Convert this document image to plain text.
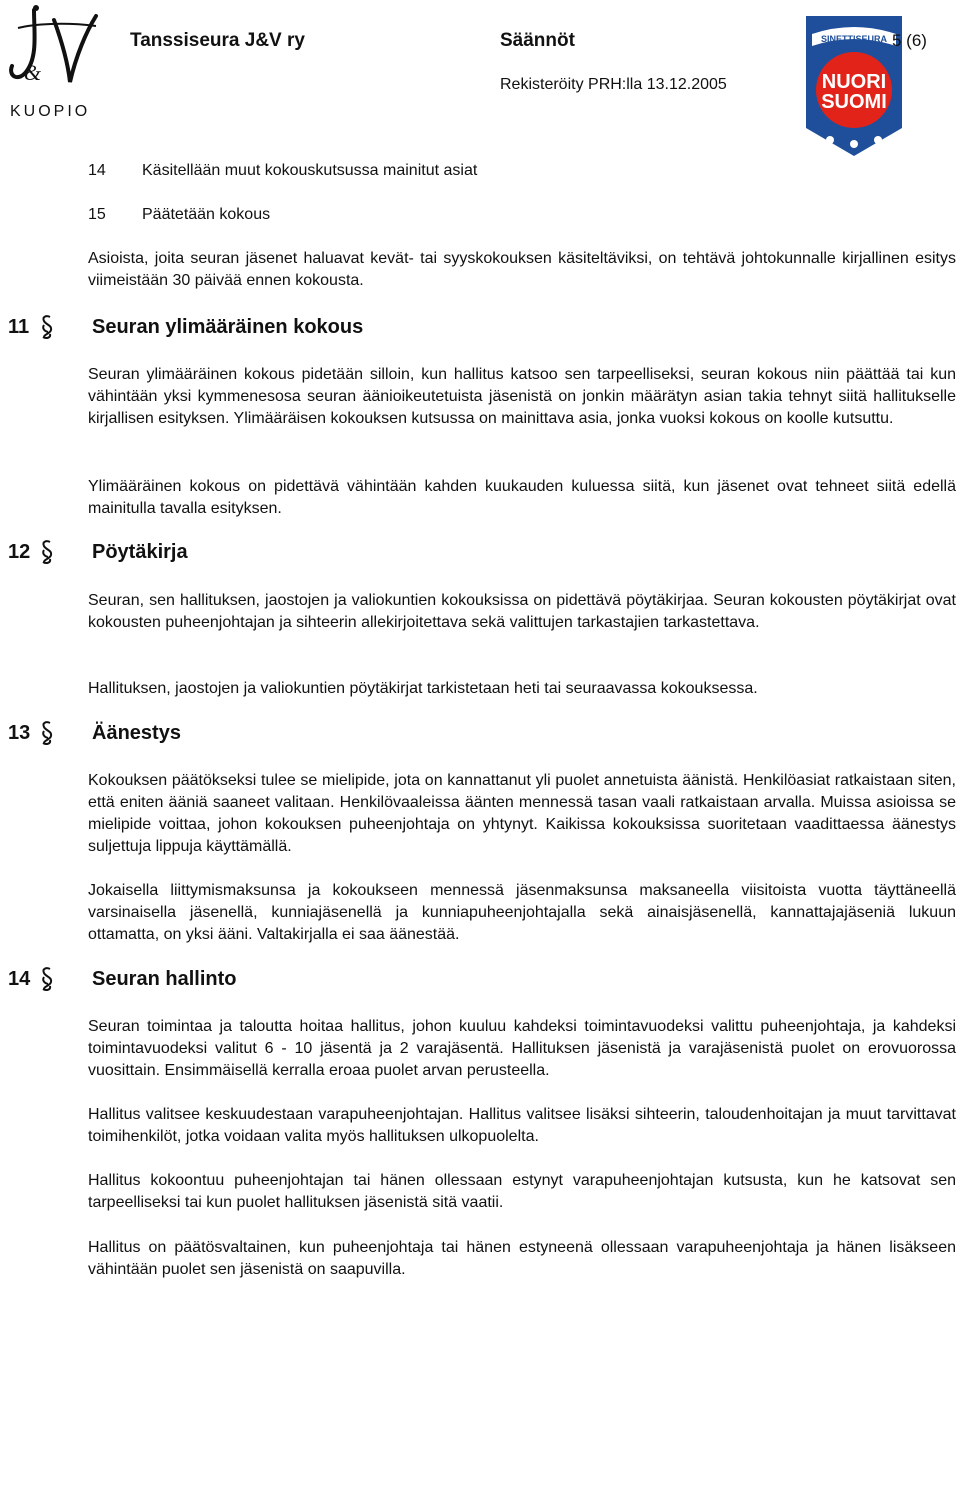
&
KUOPIO
SINETTISEURA
NUORI
SUOMI
Tanssiseura J&V ry	Säännöt	5 (6)
Rekisteröity PRH:lla 13.12.2005
14 Käsitellään muut kokouskutsussa mainitut asiat
15 Päätetään kokous

Asioista, joita seuran jäsenet haluavat kevät- tai syyskokouksen käsiteltäviksi, on tehtävä johtokunnalle kirjallinen esitys viimeistään 30 päivää ennen kokousta.

11	Seuran ylimääräinen kokous

Seuran ylimääräinen kokous pidetään silloin, kun hallitus katsoo sen tarpeelliseksi, seuran kokous niin päättää tai kun vähintään yksi kymmenesosa seuran äänioikeutetuista jäsenistä on jonkin määrätyn asian takia tehnyt siitä hallitukselle kirjallisen esityksen. Ylimääräisen kokouksen kutsussa on mainittava asia, jonka vuoksi kokous on koolle kutsuttu.

Ylimääräinen kokous on pidettävä vähintään kahden kuukauden kuluessa siitä, kun jäsenet ovat tehneet siitä edellä mainitulla tavalla esityksen.

12	Pöytäkirja

Seuran, sen hallituksen, jaostojen ja valiokuntien kokouksissa on pidettävä pöytäkirjaa. Seuran kokousten pöytäkirjat ovat kokousten puheenjohtajan ja sihteerin allekirjoitettava sekä valittujen tarkastajien tarkastettava.

Hallituksen, jaostojen ja valiokuntien pöytäkirjat tarkistetaan heti tai seuraavassa kokouksessa.

13	Äänestys

Kokouksen päätökseksi tulee se mielipide, jota on kannattanut yli puolet annetuista äänistä. Henkilöasiat ratkaistaan siten, että eniten ääniä saaneet valitaan. Henkilövaaleissa äänten mennessä tasan vaali ratkaistaan arvalla. Muissa asioissa se mielipide voittaa, johon kokouksen puheenjohtaja on yhtynyt. Kaikissa kokouksissa suoritetaan vaadittaessa äänestys suljettuja lippuja käyttämällä.

Jokaisella liittymismaksunsa ja kokoukseen mennessä jäsenmaksunsa maksaneella viisitoista vuotta täyttäneellä varsinaisella jäsenellä, kunniajäsenellä ja kunniapuheenjohtajalla sekä ainaisjäsenellä, kannattajajäseniä lukuun ottamatta, on yksi ääni. Valtakirjalla ei saa äänestää.

14	Seuran hallinto

Seuran toimintaa ja taloutta hoitaa hallitus, johon kuuluu kahdeksi toimintavuodeksi valittu puheenjohtaja, ja kahdeksi toimintavuodeksi valitut 6 - 10 jäsentä ja 2 varajäsentä. Hallituksen jäsenistä ja varajäsenistä puolet on erovuorossa vuosittain. Ensimmäisellä kerralla eroaa puolet arvan perusteella.

Hallitus valitsee keskuudestaan varapuheenjohtajan. Hallitus valitsee lisäksi sihteerin, taloudenhoitajan ja muut tarvittavat toimihenkilöt, jotka voidaan valita myös hallituksen ulkopuolelta.

Hallitus kokoontuu puheenjohtajan tai hänen ollessaan estynyt varapuheenjohtajan kutsusta, kun he katsovat sen tarpeelliseksi tai kun puolet hallituksen jäsenistä sitä vaatii.

Hallitus on päätösvaltainen, kun puheenjohtaja tai hänen estyneenä ollessaan varapuheenjohtaja ja hänen lisäkseen vähintään puolet sen jäsenistä on saapuvilla.
